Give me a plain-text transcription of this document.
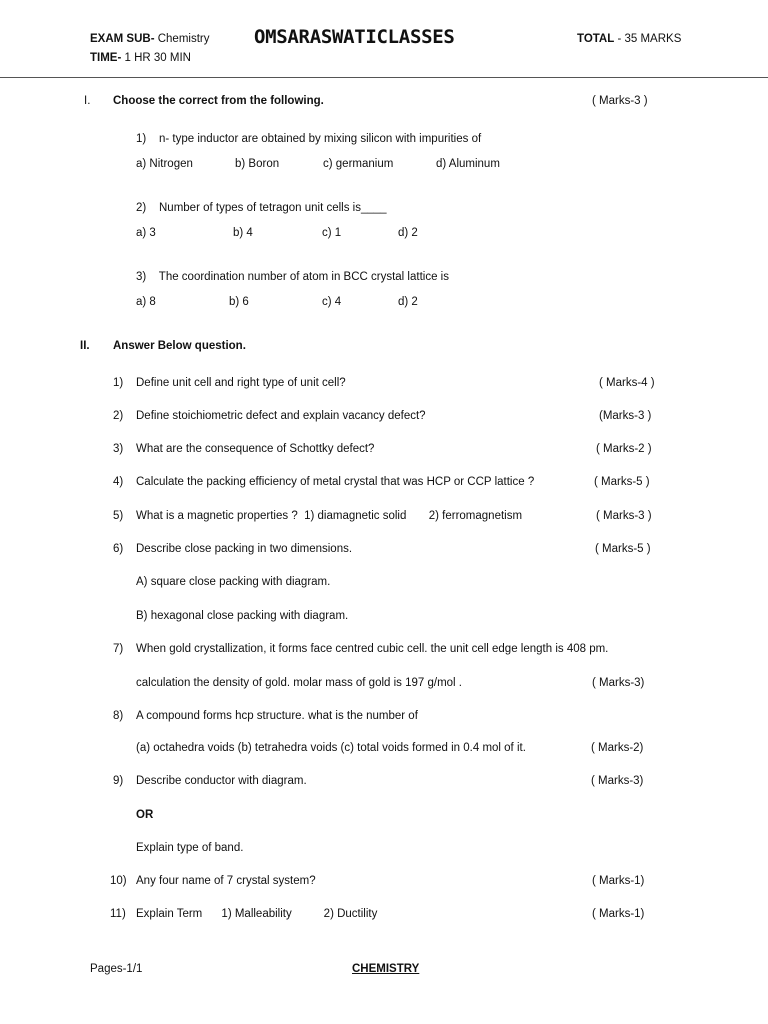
EXAM SUB- Chemistry
TIME- 1 HR 30 MIN
OMSARASWATICLASSES	TOTAL - 35 MARKS
I. Choose the correct from the following.	( Marks-3 )
1)    n- type inductor are obtained by mixing silicon with impurities of
a) Nitrogen	b) Boron	c) germanium	d) Aluminum
2)    Number of types of tetragon unit cells is____
a) 3	b) 4	c) 1	d) 2
3)    The coordination number of atom in BCC crystal lattice is
a) 8	b) 6	c) 4	d) 2
II. Answer Below question.
1) Define unit cell and right type of unit cell?	( Marks-4 )
2) Define stoichiometric defect and explain vacancy defect?	(Marks-3 )
3) What are the consequence of Schottky defect?	( Marks-2 )
4) Calculate the packing efficiency of metal crystal that was HCP or CCP lattice ?	( Marks-5 )
5) What is a magnetic properties ?  1) diamagnetic solid       2) ferromagnetism	( Marks-3 )
6) Describe close packing in two dimensions.	( Marks-5 )
A) square close packing with diagram.
B) hexagonal close packing with diagram.
7) When gold crystallization, it forms face centred cubic cell. the unit cell edge length is 408 pm.
calculation the density of gold. molar mass of gold is 197 g/mol .	( Marks-3)
8) A compound forms hcp structure. what is the number of
(a) octahedra voids (b) tetrahedra voids (c) total voids formed in 0.4 mol of it.	( Marks-2)
9) Describe conductor with diagram.	( Marks-3)
OR
Explain type of band.
10) Any four name of 7 crystal system?	( Marks-1)
11) Explain Term      1) Malleability          2) Ductility	( Marks-1)
Pages-1/1	CHEMISTRY
